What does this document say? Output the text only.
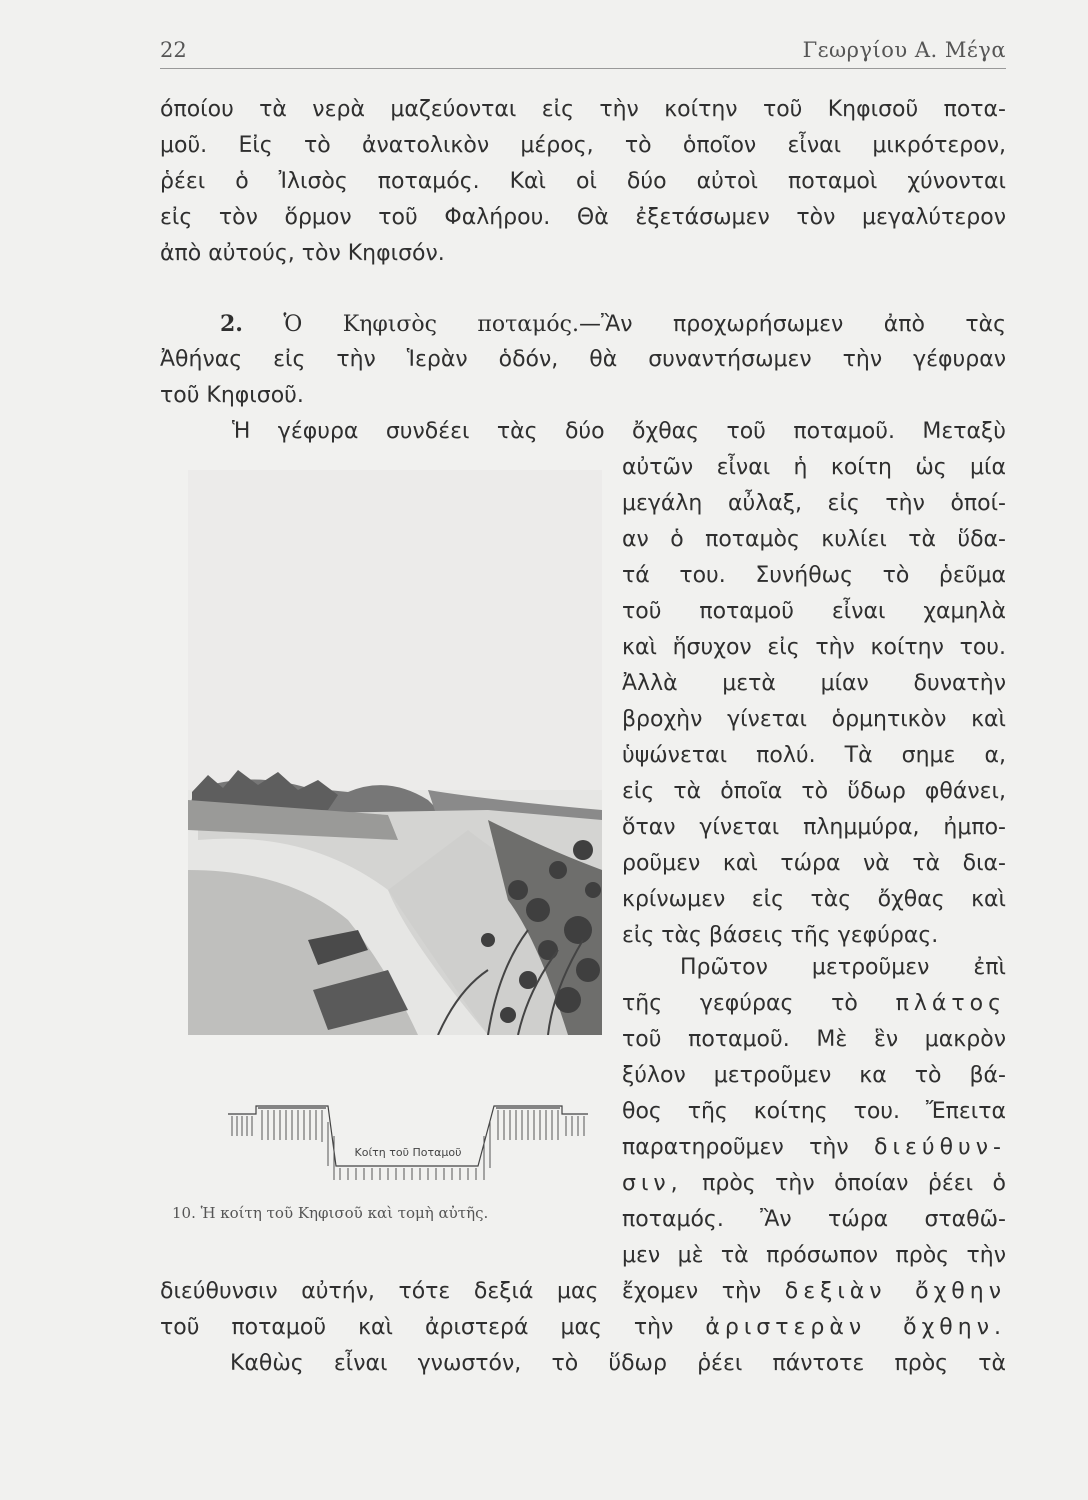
22	Γεωργίου Α. Μέγα
όποίου τὰ νερὰ μαζεύονται εἰς τὴν κοίτην τοῦ Κηφισοῦ ποτα-
μοῦ. Εἰς τὸ ἀνατολικὸν μέρος, τὸ ὁποῖον εἶναι μικρότερον,
ῥέει ὁ Ἰλισὸς ποταμός. Καὶ οἱ δύο αὐτοὶ ποταμοὶ χύνονται
εἰς τὸν ὅρμον τοῦ Φαλήρου. Θὰ ἐξετάσωμεν τὸν μεγαλύτερον
ἀπὸ αὐτούς, τὸν Κηφισόν.
2. Ὁ Κηφισὸς ποταμός.—Ἂν προχωρήσωμεν ἀπὸ τὰς
Ἀθήνας εἰς τὴν Ἱερὰν ὁδόν, θὰ συναντήσωμεν τὴν γέφυραν
τοῦ Κηφισοῦ.
Ἡ γέφυρα συνδέει τὰς δύο ὄχθας τοῦ ποταμοῦ. Μεταξὺ
αὐτῶν εἶναι ἡ κοίτη ὡς μία
μεγάλη αὖλαξ, εἰς τὴν ὁποί-
αν ὁ ποταμὸς κυλίει τὰ ὕδα-
τά του. Συνήθως τὸ ῥεῦμα
τοῦ ποταμοῦ εἶναι χαμηλὰ
καὶ ἥσυχον εἰς τὴν κοίτην του.
Ἀλλὰ μετὰ μίαν δυνατὴν
βροχὴν γίνεται ὁρμητικὸν καὶ
ὑψώνεται πολύ. Τὰ σημε α,
εἰς τὰ ὁποῖα τὸ ὕδωρ φθάνει,
ὅταν γίνεται πλημμύρα, ἠμπο-
ροῦμεν καὶ τώρα νὰ τὰ δια-
κρίνωμεν εἰς τὰς ὄχθας καὶ
εἰς τὰς βάσεις τῆς γεφύρας.
Πρῶτον μετροῦμεν ἐπὶ
τῆς γεφύρας τὸ πλάτος
τοῦ ποταμοῦ. Μὲ ἓν μακρὸν
ξύλον μετροῦμεν κα τὸ βά-
θος τῆς κοίτης του. Ἔπειτα
παρατηροῦμεν τὴν διεύθυν-
σιν, πρὸς τὴν ὁποίαν ῥέει ὁ
ποταμός. Ἂν τώρα σταθῶ-
μεν μὲ τὰ πρόσωπον πρὸς τὴν
διεύθυνσιν αὐτήν, τότε δεξιά μας ἔχομεν τὴν δεξιὰν ὄχθην
τοῦ ποταμοῦ καὶ ἀριστερά μας τὴν ἀριστερὰν ὄχθην.
Καθὼς εἶναι γνωστόν, τὸ ὕδωρ ῥέει πάντοτε πρὸς τὰ
Κοίτη τοῦ Ποταμοῦ
10. Ἡ κοίτη τοῦ Κηφισοῦ καὶ τομὴ αὐτῆς.
